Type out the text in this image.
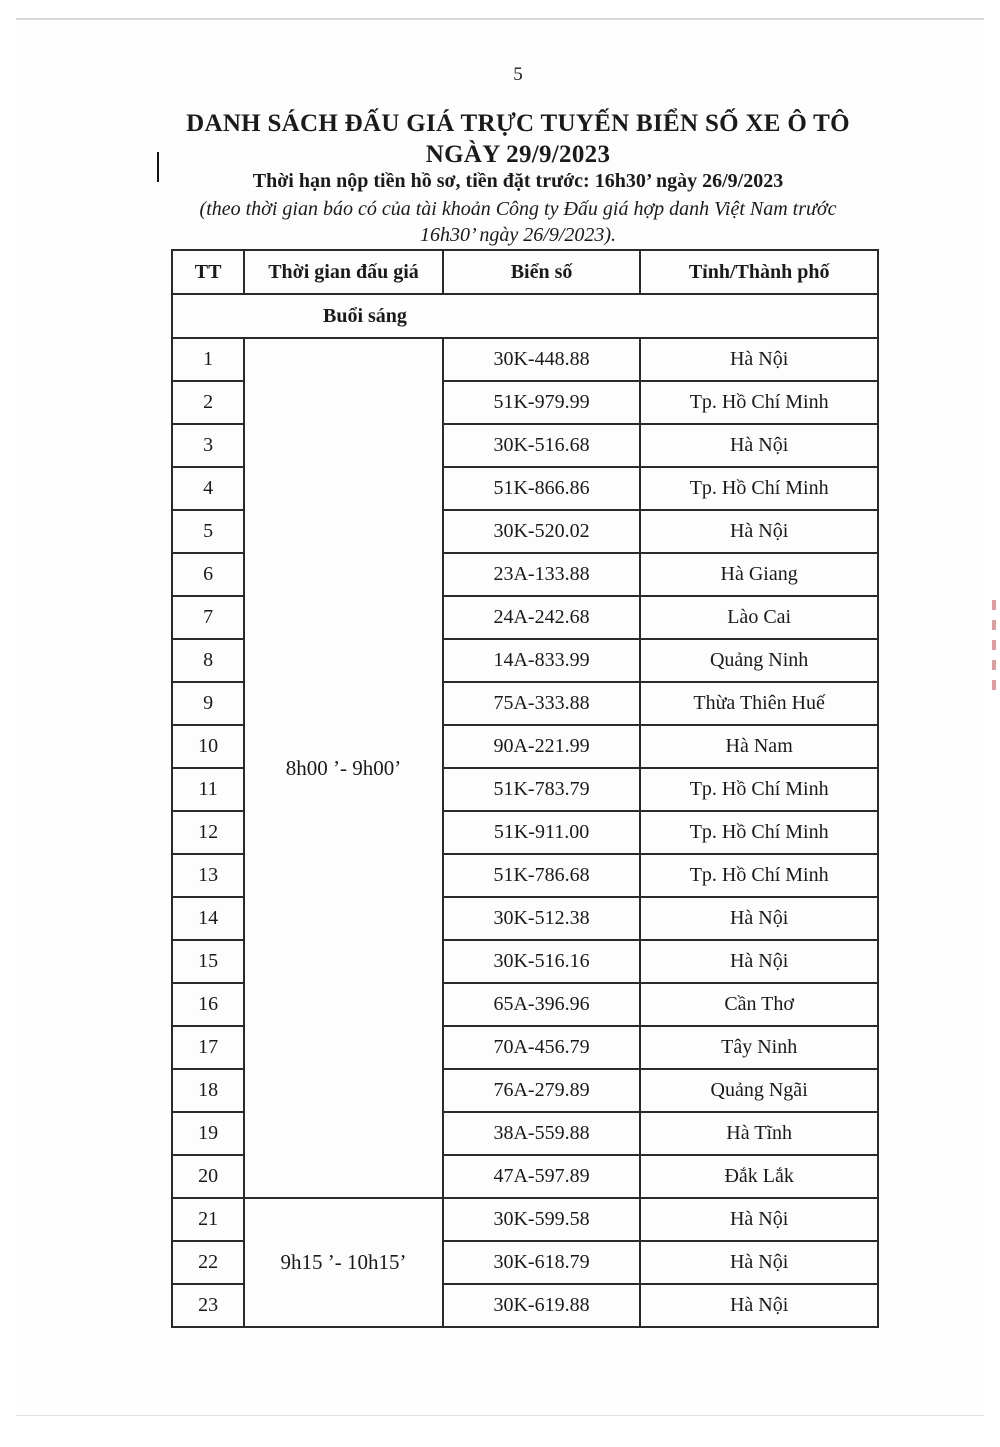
5
DANH SÁCH ĐẤU GIÁ TRỰC TUYẾN BIỂN SỐ XE Ô TÔ
NGÀY 29/9/2023
Thời hạn nộp tiền hồ sơ, tiền đặt trước: 16h30’ ngày 26/9/2023
(theo thời gian báo có của tài khoản Công ty Đấu giá hợp danh Việt Nam trước
16h30’ ngày 26/9/2023).
TT	Thời gian đấu giá	Biển số	Tỉnh/Thành phố
Buổi sáng			
1	8h00 ’- 9h00’	30K-448.88	Hà Nội
2		51K-979.99	Tp. Hồ Chí Minh
3		30K-516.68	Hà Nội
4		51K-866.86	Tp. Hồ Chí Minh
5		30K-520.02	Hà Nội
6		23A-133.88	Hà Giang
7		24A-242.68	Lào Cai
8		14A-833.99	Quảng Ninh
9		75A-333.88	Thừa Thiên Huế
10		90A-221.99	Hà Nam
11		51K-783.79	Tp. Hồ Chí Minh
12		51K-911.00	Tp. Hồ Chí Minh
13		51K-786.68	Tp. Hồ Chí Minh
14		30K-512.38	Hà Nội
15		30K-516.16	Hà Nội
16		65A-396.96	Cần Thơ
17		70A-456.79	Tây Ninh
18		76A-279.89	Quảng Ngãi
19		38A-559.88	Hà Tĩnh
20		47A-597.89	Đắk Lắk
21	9h15 ’- 10h15’	30K-599.58	Hà Nội
22		30K-618.79	Hà Nội
23		30K-619.88	Hà Nội
